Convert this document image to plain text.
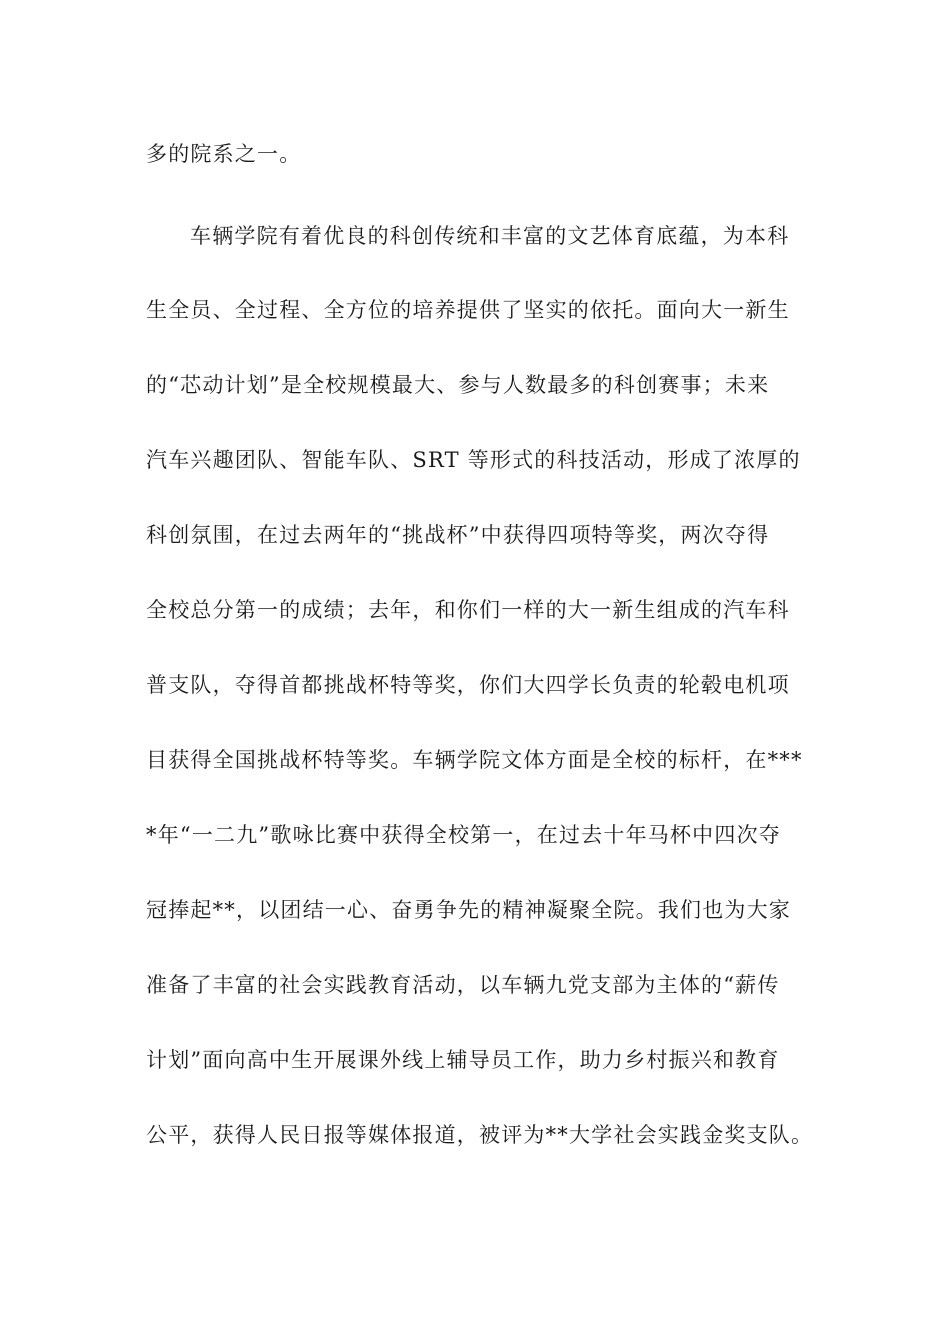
多的院系之一。
车辆学院有着优良的科创传统和丰富的文艺体育底蕴，为本科
生全员、全过程、全方位的培养提供了坚实的依托。面向大一新生
的“芯动计划”是全校规模最大、参与人数最多的科创赛事；未来
汽车兴趣团队、智能车队、SRT 等形式的科技活动，形成了浓厚的
科创氛围，在过去两年的“挑战杯”中获得四项特等奖，两次夺得
全校总分第一的成绩；去年，和你们一样的大一新生组成的汽车科
普支队，夺得首都挑战杯特等奖，你们大四学长负责的轮毂电机项
目获得全国挑战杯特等奖。车辆学院文体方面是全校的标杆，在***
*年“一二九”歌咏比赛中获得全校第一，在过去十年马杯中四次夺
冠捧起**，以团结一心、奋勇争先的精神凝聚全院。我们也为大家
准备了丰富的社会实践教育活动，以车辆九党支部为主体的“薪传
计划”面向高中生开展课外线上辅导员工作，助力乡村振兴和教育
公平，获得人民日报等媒体报道，被评为**大学社会实践金奖支队。
